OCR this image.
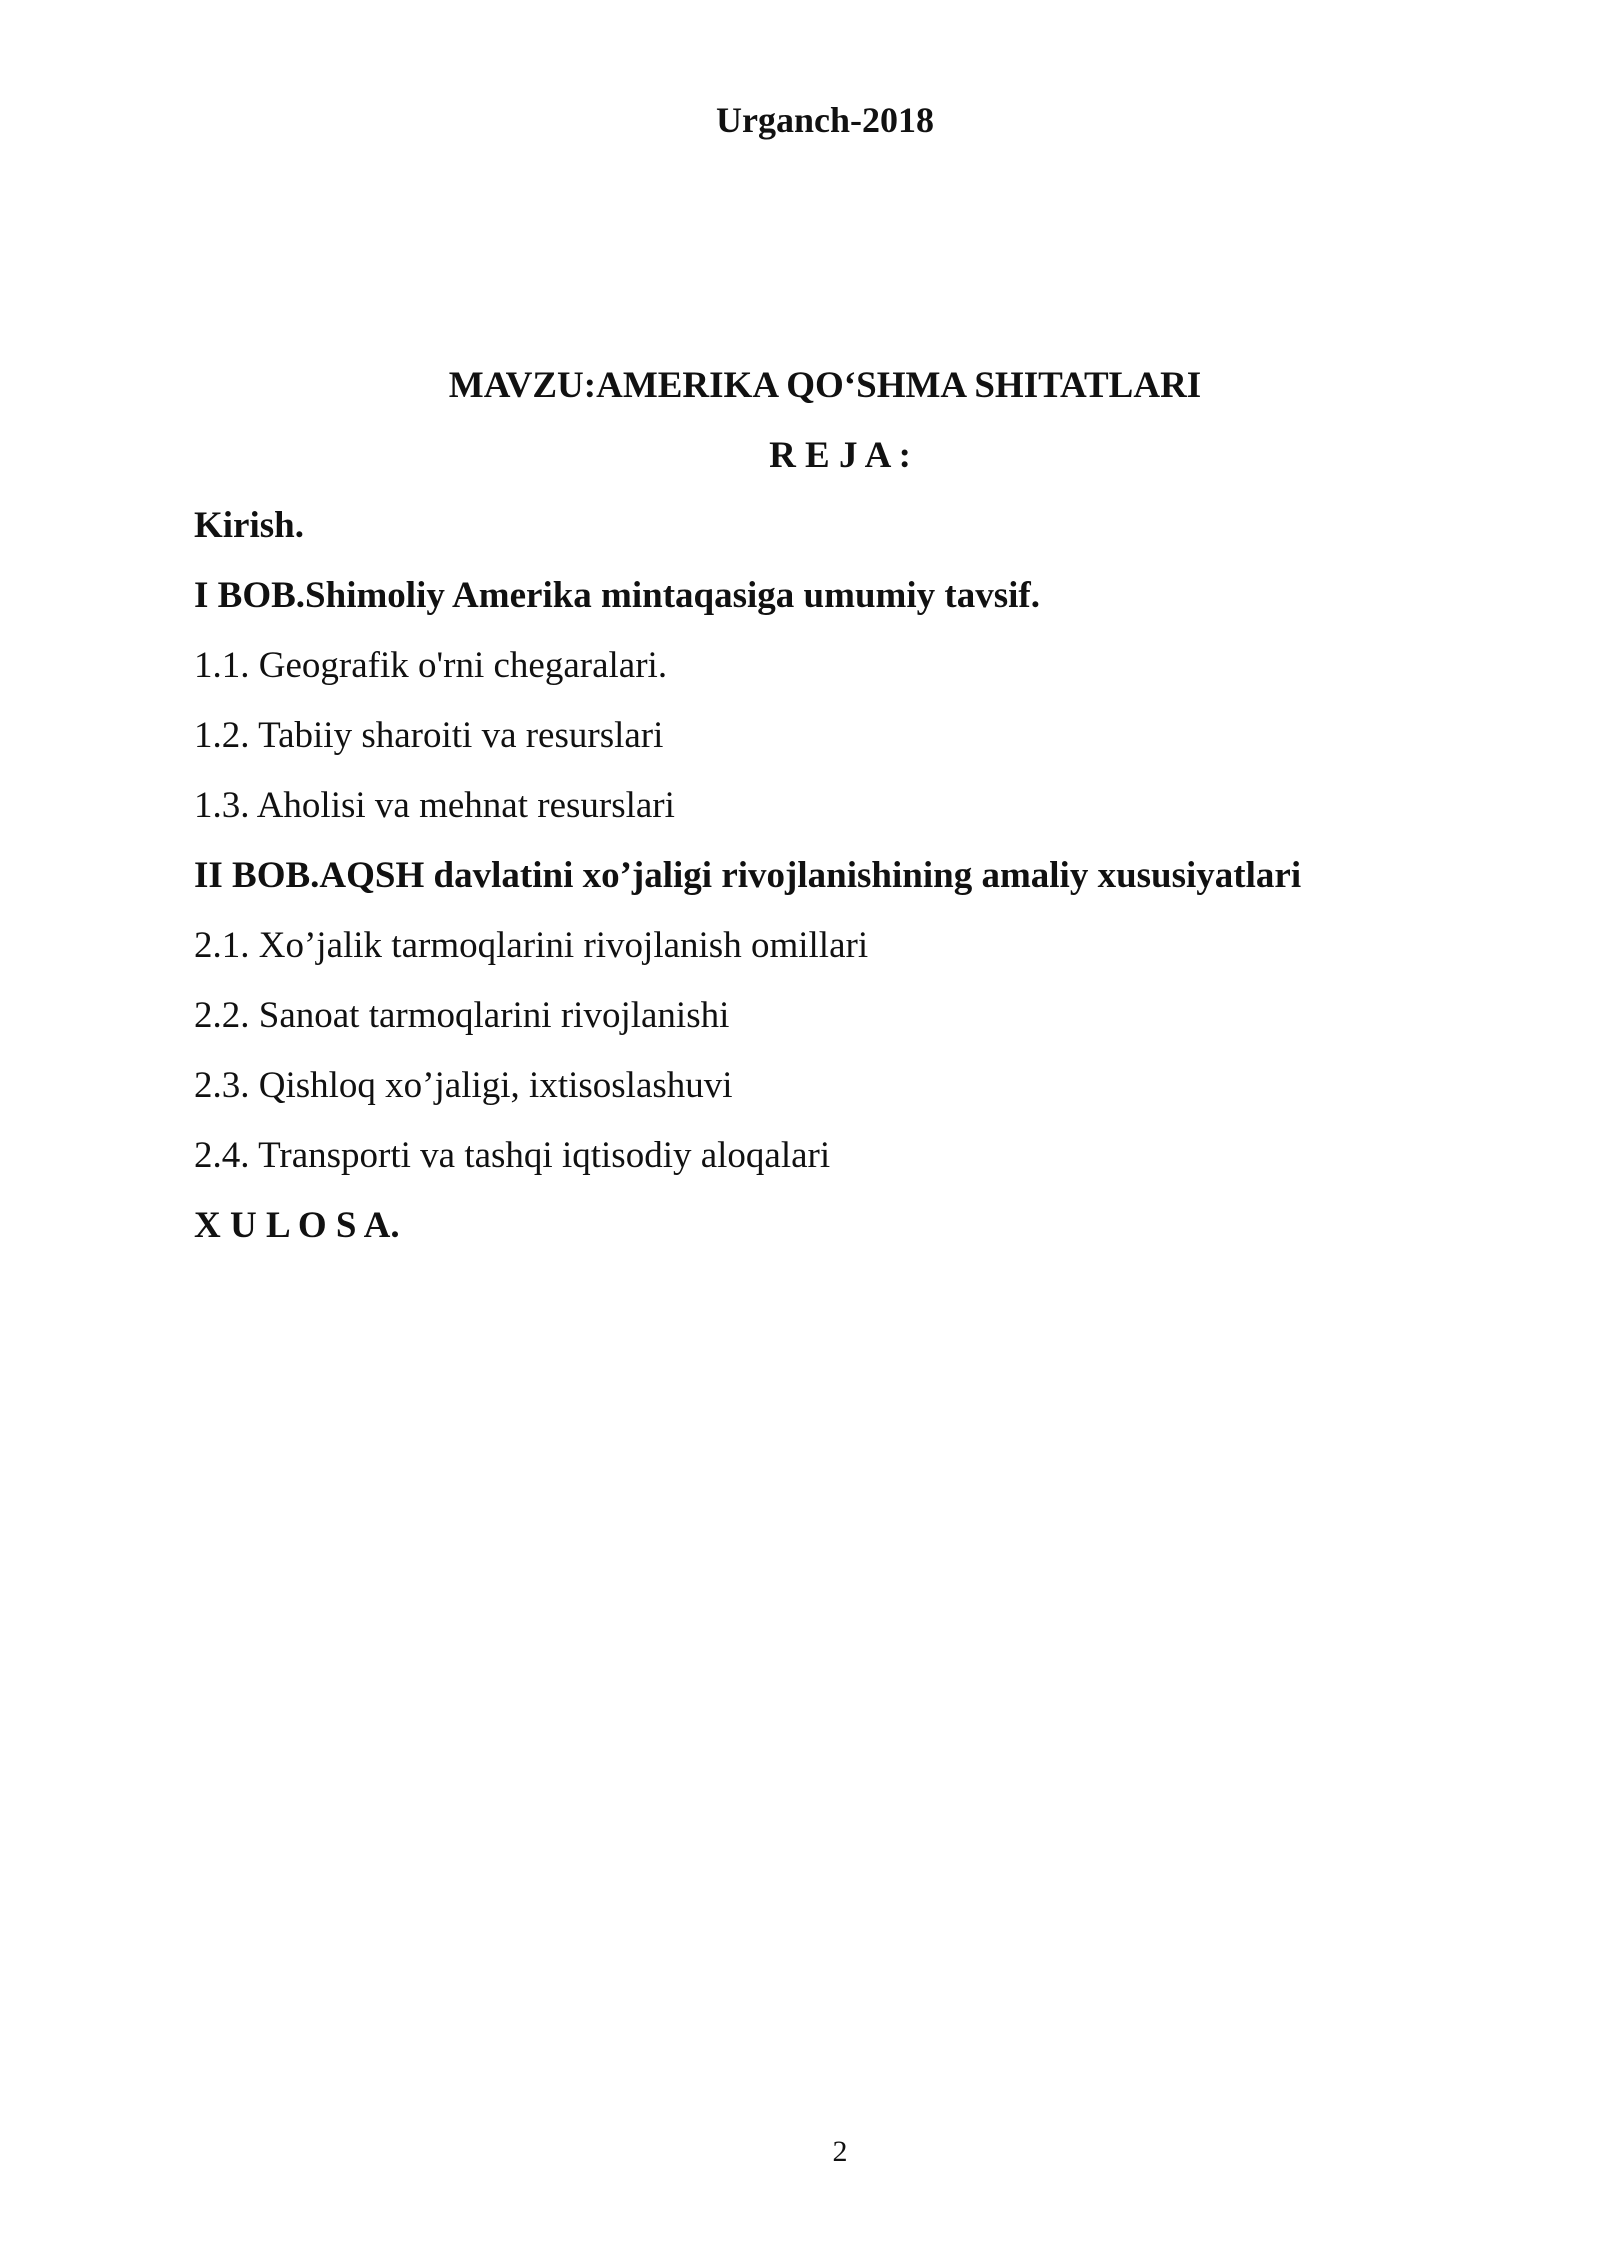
Urganch-2018
MAVZU:AMERIKA QO‘SHMA SHITATLARI
R E J A :
Kirish.
I BOB.Shimoliy Amerika mintaqasiga umumiy tavsif.
1.1. Geografik o'rni chegaralari.
1.2. Tabiiy sharoiti va resurslari
1.3. Aholisi va mehnat resurslari
II BOB.AQSH davlatini xo’jaligi rivojlanishining amaliy xususiyatlari
2.1. Xo’jalik tarmoqlarini rivojlanish omillari
2.2. Sanoat tarmoqlarini rivojlanishi
2.3. Qishloq xo’jaligi, ixtisoslashuvi
2.4. Transporti va tashqi iqtisodiy aloqalari
X U L O S A.
2
